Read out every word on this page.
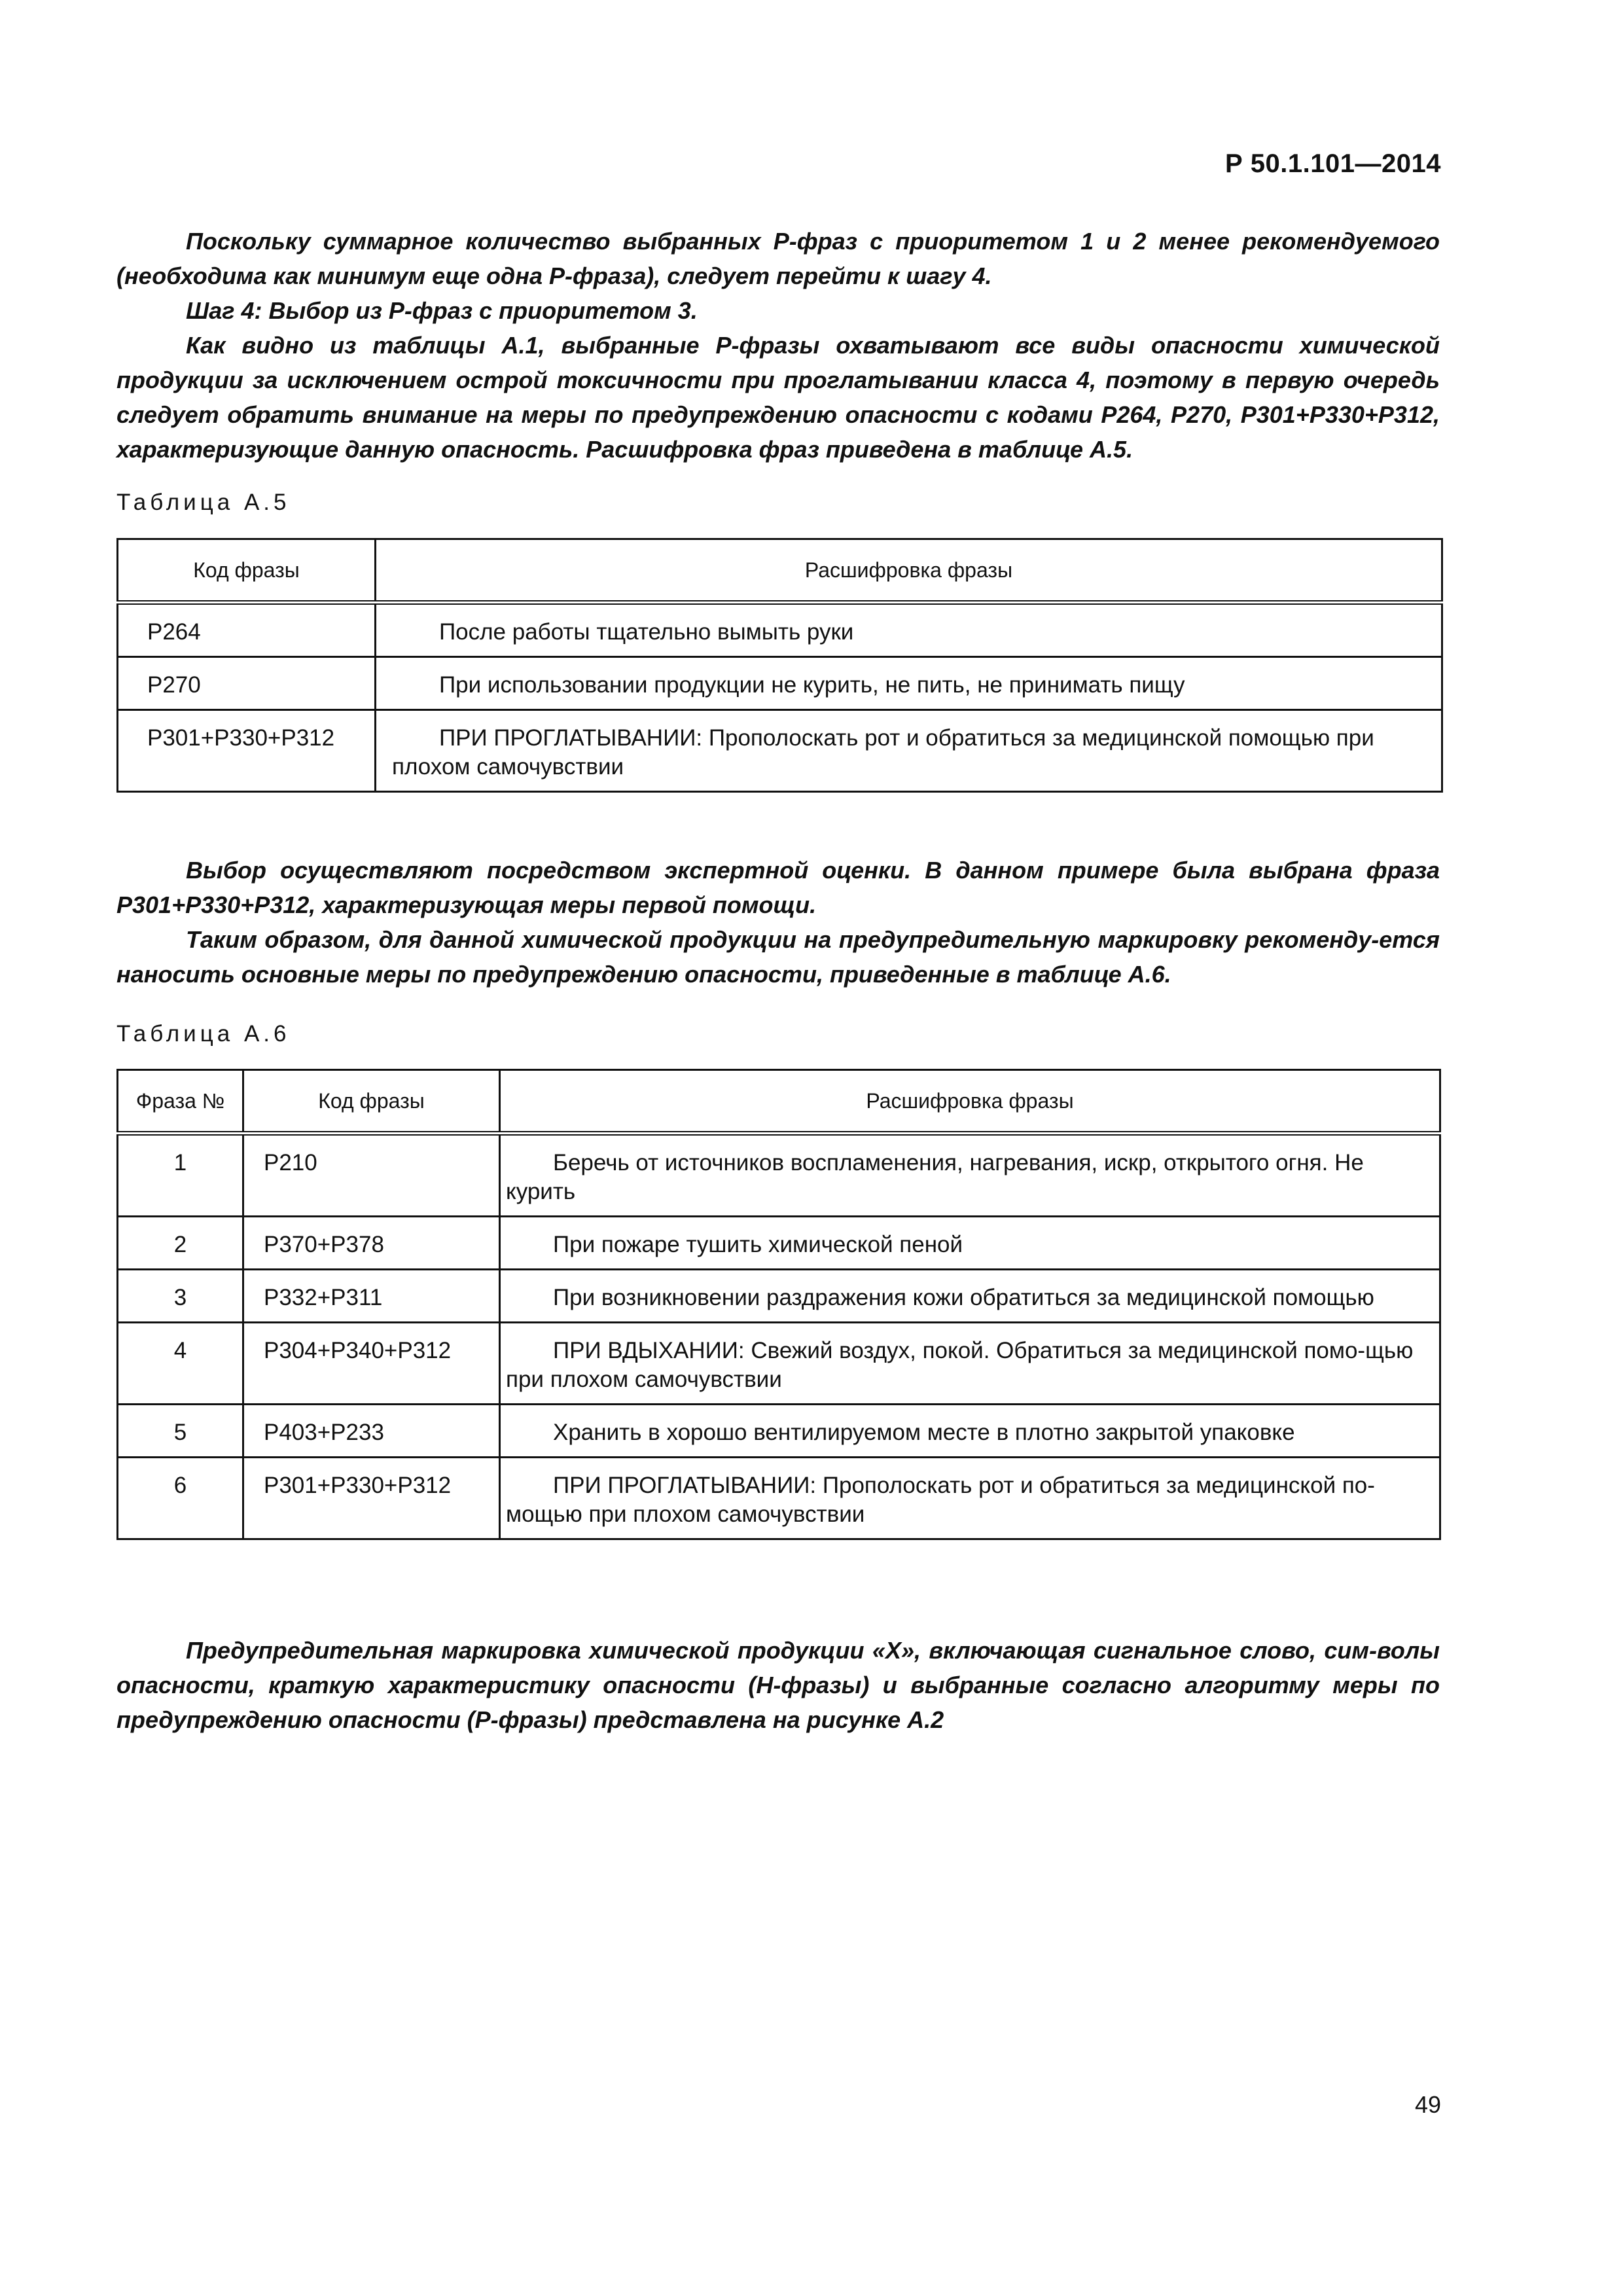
Р 50.1.101—2014

Поскольку суммарное количество выбранных Р-фраз с приоритетом 1 и 2 менее рекомендуемого (необходима как минимум еще одна Р-фраза), следует перейти к шагу 4.

Шаг 4: Выбор из Р-фраз с приоритетом 3.

Как видно из таблицы А.1, выбранные Р-фразы охватывают все виды опасности химической продукции за исключением острой токсичности при проглатывании класса 4, поэтому в первую очередь следует обратить внимание на меры по предупреждению опасности с кодами P264, P270, P301+P330+P312, характеризующие данную опасность. Расшифровка фраз приведена в таблице А.5.

Таблица А.5

Код фразы	Расшифровка фразы
P264	После работы тщательно вымыть руки
P270	При использовании продукции не курить, не пить, не принимать пищу
P301+P330+P312	ПРИ ПРОГЛАТЫВАНИИ: Прополоскать рот и обратиться за медицинской помощью при плохом самочувствии

Выбор осуществляют посредством экспертной оценки. В данном примере была выбрана фраза P301+P330+P312, характеризующая меры первой помощи.

Таким образом, для данной химической продукции на предупредительную маркировку рекоменду-ется наносить основные меры по предупреждению опасности, приведенные в таблице А.6.

Таблица А.6

Фраза №	Код фразы	Расшифровка фразы
1	P210	Беречь от источников воспламенения, нагревания, искр, открытого огня. Не курить
2	P370+P378	При пожаре тушить химической пеной
3	P332+P311	При возникновении раздражения кожи обратиться за медицинской помощью
4	P304+P340+P312	ПРИ ВДЫХАНИИ: Свежий воздух, покой. Обратиться за медицинской помо-щью при плохом самочувствии
5	P403+P233	Хранить в хорошо вентилируемом месте в плотно закрытой упаковке
6	P301+P330+P312	ПРИ ПРОГЛАТЫВАНИИ: Прополоскать рот и обратиться за медицинской по-мощью при плохом самочувствии

Предупредительная маркировка химической продукции «Х», включающая сигнальное слово, сим-волы опасности, краткую характеристику опасности (Н-фразы) и выбранные согласно алгоритму меры по предупреждению опасности (Р-фразы) представлена на рисунке А.2

49
